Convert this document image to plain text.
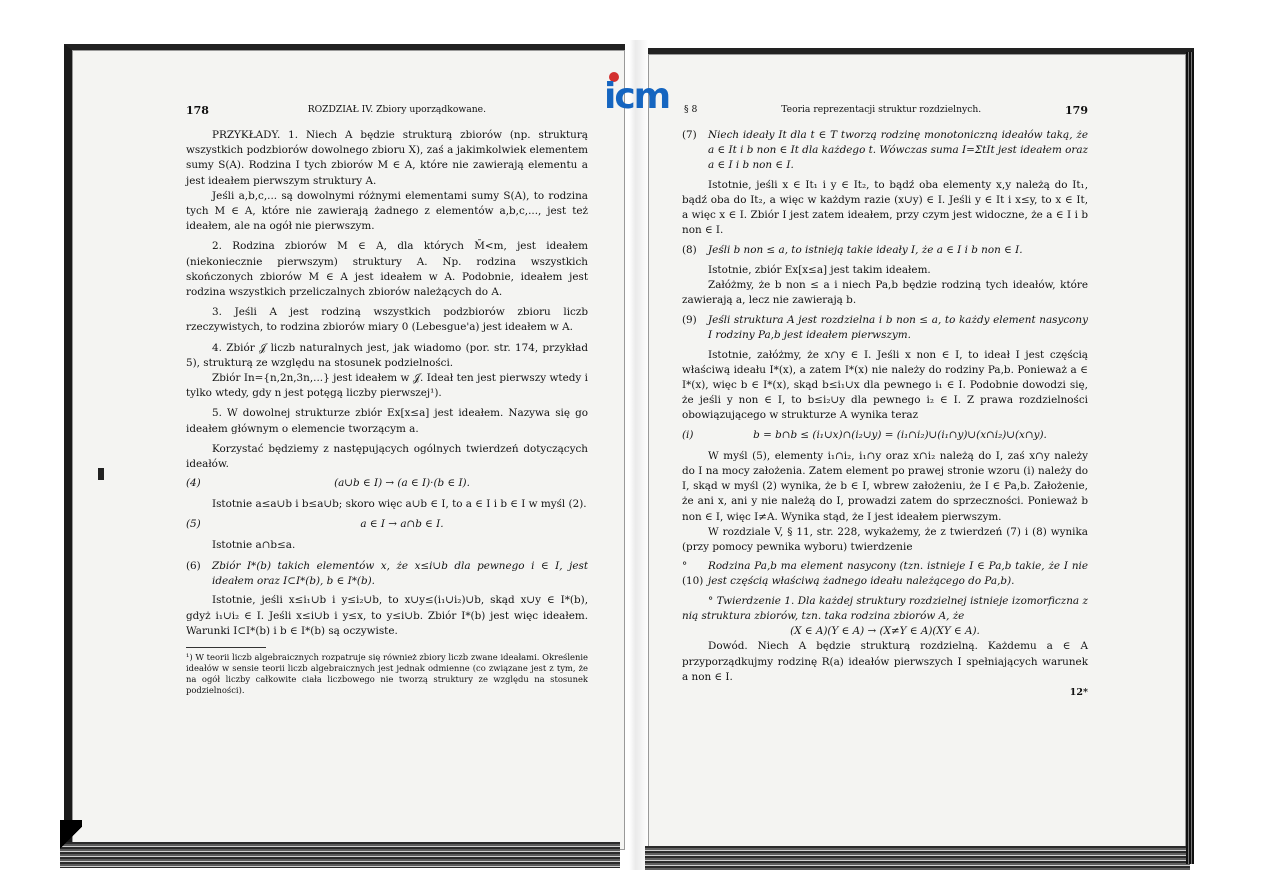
icm
178	ROZDZIAŁ IV. Zbiory uporządkowane.

PRZYKŁADY. 1. Niech A będzie strukturą zbiorów (np. strukturą wszystkich podzbiorów dowolnego zbioru X), zaś a jakimkolwiek elementem sumy S(A). Rodzina I tych zbiorów M ∈ A, które nie zawierają elementu a jest ideałem pierwszym struktury A.

Jeśli a,b,c,... są dowolnymi różnymi elementami sumy S(A), to rodzina tych M ∈ A, które nie zawierają żadnego z elementów a,b,c,..., jest też ideałem, ale na ogół nie pierwszym.

2. Rodzina zbiorów M ∈ A, dla których M̄<m, jest ideałem (niekoniecznie pierwszym) struktury A. Np. rodzina wszystkich skończonych zbiorów M ∈ A jest ideałem w A. Podobnie, ideałem jest rodzina wszystkich przeliczalnych zbiorów należących do A.

3. Jeśli A jest rodziną wszystkich podzbiorów zbioru liczb rzeczywistych, to rodzina zbiorów miary 0 (Lebesgue'a) jest ideałem w A.

4. Zbiór 𝒥 liczb naturalnych jest, jak wiadomo (por. str. 174, przykład 5), strukturą ze względu na stosunek podzielności.

Zbiór In={n,2n,3n,...} jest ideałem w 𝒥. Ideał ten jest pierwszy wtedy i tylko wtedy, gdy n jest potęgą liczby pierwszej¹).

5. W dowolnej strukturze zbiór Ex[x≤a] jest ideałem. Nazywa się go ideałem głównym o elemencie tworzącym a.

Korzystać będziemy z następujących ogólnych twierdzeń dotyczących ideałów.

(4)	(a∪b ∈ I) → (a ∈ I)·(b ∈ I).

Istotnie a≤a∪b i b≤a∪b; skoro więc a∪b ∈ I, to a ∈ I i b ∈ I w myśl (2).

(5)	a ∈ I → a∩b ∈ I.

Istotnie a∩b≤a.

(6)	Zbiór I*(b) takich elementów x, że x≤i∪b dla pewnego i ∈ I, jest ideałem oraz I⊂I*(b), b ∈ I*(b).

Istotnie, jeśli x≤i₁∪b i y≤i₂∪b, to x∪y≤(i₁∪i₂)∪b, skąd x∪y ∈ I*(b), gdyż i₁∪i₂ ∈ I. Jeśli x≤i∪b i y≤x, to y≤i∪b. Zbiór I*(b) jest więc ideałem. Warunki I⊂I*(b) i b ∈ I*(b) są oczywiste.

¹) W teorii liczb algebraicznych rozpatruje się również zbiory liczb zwane ideałami. Określenie ideałów w sensie teorii liczb algebraicznych jest jednak odmienne (co związane jest z tym, że na ogół liczby całkowite ciała liczbowego nie tworzą struktury ze względu na stosunek podzielności).

§ 8	Teoria reprezentacji struktur rozdzielnych.	179
(7)	Niech ideały It dla t ∈ T tworzą rodzinę monotoniczną ideałów taką, że a ∈ It i b non ∈ It dla każdego t. Wówczas suma I=ΣtIt jest ideałem oraz a ∈ I i b non ∈ I.

Istotnie, jeśli x ∈ It₁ i y ∈ It₂, to bądź oba elementy x,y należą do It₁, bądź oba do It₂, a więc w każdym razie (x∪y) ∈ I. Jeśli y ∈ It i x≤y, to x ∈ It, a więc x ∈ I. Zbiór I jest zatem ideałem, przy czym jest widoczne, że a ∈ I i b non ∈ I.

(8)	Jeśli b non ≤ a, to istnieją takie ideały I, że a ∈ I i b non ∈ I.

Istotnie, zbiór Ex[x≤a] jest takim ideałem.

Załóżmy, że b non ≤ a i niech Pa,b będzie rodziną tych ideałów, które zawierają a, lecz nie zawierają b.

(9)	Jeśli struktura A jest rozdzielna i b non ≤ a, to każdy element nasycony I rodziny Pa,b jest ideałem pierwszym.

Istotnie, załóżmy, że x∩y ∈ I. Jeśli x non ∈ I, to ideał I jest częścią właściwą ideału I*(x), a zatem I*(x) nie należy do rodziny Pa,b. Ponieważ a ∈ I*(x), więc b ∈ I*(x), skąd b≤i₁∪x dla pewnego i₁ ∈ I. Podobnie dowodzi się, że jeśli y non ∈ I, to b≤i₂∪y dla pewnego i₂ ∈ I. Z prawa rozdzielności obowiązującego w strukturze A wynika teraz

(i)	b = b∩b ≤ (i₁∪x)∩(i₂∪y) = (i₁∩i₂)∪(i₁∩y)∪(x∩i₂)∪(x∩y).

W myśl (5), elementy i₁∩i₂, i₁∩y oraz x∩i₂ należą do I, zaś x∩y należy do I na mocy założenia. Zatem element po prawej stronie wzoru (i) należy do I, skąd w myśl (2) wynika, że b ∈ I, wbrew założeniu, że I ∈ Pa,b. Założenie, że ani x, ani y nie należą do I, prowadzi zatem do sprzeczności. Ponieważ b non ∈ I, więc I≠A. Wynika stąd, że I jest ideałem pierwszym.

W rozdziale V, § 11, str. 228, wykażemy, że z twierdzeń (7) i (8) wynika (przy pomocy pewnika wyboru) twierdzenie

°(10)
Rodzina Pa,b ma element nasycony (tzn. istnieje I ∈ Pa,b takie, że I nie jest częścią właściwą żadnego ideału należącego do Pa,b).

° Twierdzenie 1. Dla każdej struktury rozdzielnej istnieje izomorficzna z nią struktura zbiorów, tzn. taka rodzina zbiorów A, że

(X ∈ A)(Y ∈ A) → (X≠Y ∈ A)(XY ∈ A).

Dowód. Niech A będzie strukturą rozdzielną. Każdemu a ∈ A przyporządkujmy rodzinę R(a) ideałów pierwszych I spełniających warunek a non ∈ I.

12*
